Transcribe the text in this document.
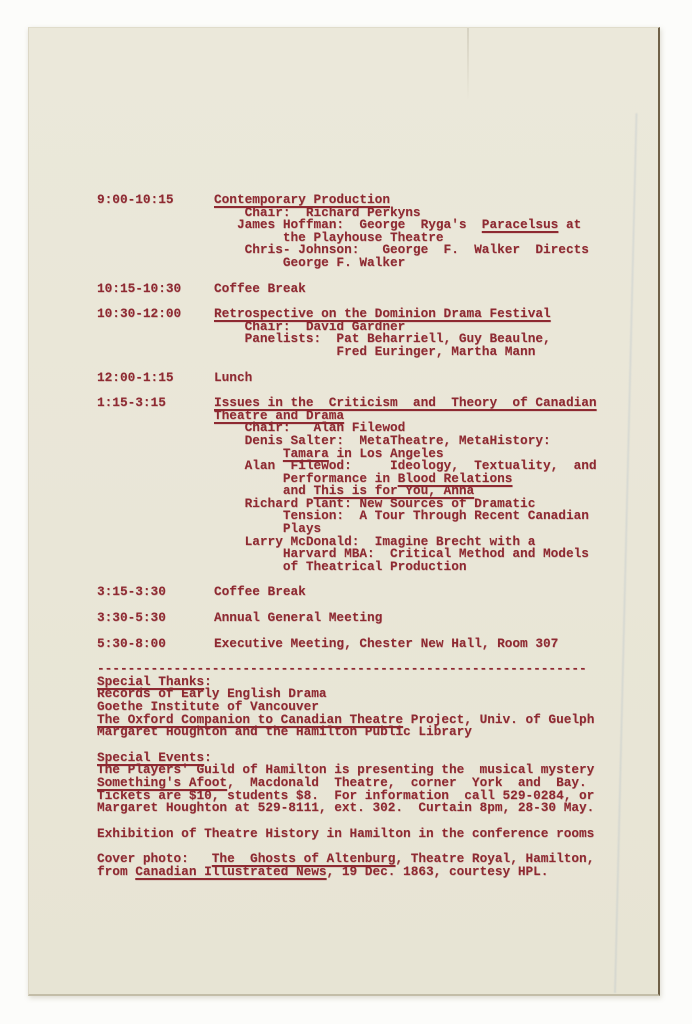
9:00-10:15	Contemporary Production
Chair:  Richard Perkyns
James Hoffman:  George  Ryga's  Paracelsus at
the Playhouse Theatre
Chris- Johnson:   George  F.  Walker  Directs
George F. Walker
10:15-10:30	Coffee Break
10:30-12:00	Retrospective on the Dominion Drama Festival
Chair:  David Gardner
Panelists:  Pat Beharriell, Guy Beaulne,
Fred Euringer, Martha Mann
12:00-1:15	Lunch
1:15-3:15	Issues in the  Criticism  and  Theory  of Canadian
Theatre and Drama
Chair:   Alan Filewod
Denis Salter:  MetaTheatre, MetaHistory:
Tamara in Los Angeles
Alan  Filewod:     Ideology,  Textuality,  and
Performance in Blood Relations
and This is for You, Anna
Richard Plant: New Sources of Dramatic
Tension:  A Tour Through Recent Canadian
Plays
Larry McDonald:  Imagine Brecht with a
Harvard MBA:  Critical Method and Models
of Theatrical Production
3:15-3:30	Coffee Break
3:30-5:30	Annual General Meeting
5:30-8:00	Executive Meeting, Chester New Hall, Room 307
----------------------------------------------------------------
Special Thanks:
Records of Early English Drama
Goethe Institute of Vancouver
The Oxford Companion to Canadian Theatre Project, Univ. of Guelph
Margaret Houghton and the Hamilton Public Library
Special Events:
The Players' Guild of Hamilton is presenting the  musical mystery
Something's Afoot,  Macdonald  Theatre,  corner  York  and  Bay.
Tickets are $10, students $8.  For information  call 529-0284, or
Margaret Houghton at 529-8111, ext. 302.  Curtain 8pm, 28-30 May.
Exhibition of Theatre History in Hamilton in the conference rooms
Cover photo:   The  Ghosts of Altenburg, Theatre Royal, Hamilton,
from Canadian Illustrated News, 19 Dec. 1863, courtesy HPL.
